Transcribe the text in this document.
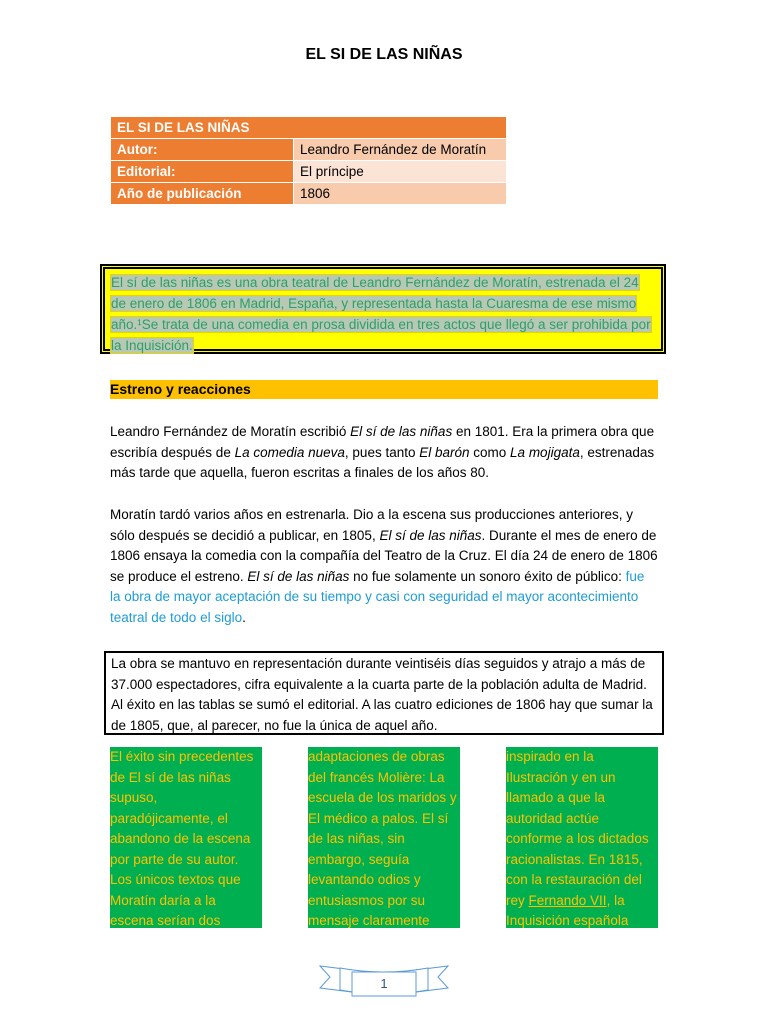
EL SI DE LAS NIÑAS
EL SI DE LAS NIÑAS	
Autor:	Leandro Fernández de Moratín
Editorial:	El príncipe
Año de publicación	1806

El sí de las niñas es una obra teatral de Leandro Fernández de Moratín, estrenada el 24 de enero de 1806 en Madrid, España, y representada hasta la Cuaresma de ese mismo año.¹Se trata de una comedia en prosa dividida en tres actos que llegó a ser prohibida por la Inquisición.

Estreno y reacciones

Leandro Fernández de Moratín escribió El sí de las niñas en 1801. Era la primera obra que escribía después de La comedia nueva, pues tanto El barón como La mojigata, estrenadas más tarde que aquella, fueron escritas a finales de los años 80.

Moratín tardó varios años en estrenarla. Dio a la escena sus producciones anteriores, y sólo después se decidió a publicar, en 1805, El sí de las niñas. Durante el mes de enero de 1806 ensaya la comedia con la compañía del Teatro de la Cruz. El día 24 de enero de 1806 se produce el estreno. El sí de las niñas no fue solamente un sonoro éxito de público: fue la obra de mayor aceptación de su tiempo y casi con seguridad el mayor acontecimiento teatral de todo el siglo.

La obra se mantuvo en representación durante veintiséis días seguidos y atrajo a más de 37.000 espectadores, cifra equivalente a la cuarta parte de la población adulta de Madrid. Al éxito en las tablas se sumó el editorial. A las cuatro ediciones de 1806 hay que sumar la de 1805, que, al parecer, no fue la única de aquel año.
El éxito sin precedentes de El sí de las niñas supuso, paradójicamente, el abandono de la escena por parte de su autor. Los únicos textos que Moratín daría a la escena serían dos
adaptaciones de obras del francés Molière: La escuela de los maridos y El médico a palos. El sí de las niñas, sin embargo, seguía levantando odios y entusiasmos por su mensaje claramente
inspirado en la Ilustración y en un llamado a que la autoridad actúe conforme a los dictados racionalistas. En 1815, con la restauración del rey Fernando VII, la Inquisición española
1
